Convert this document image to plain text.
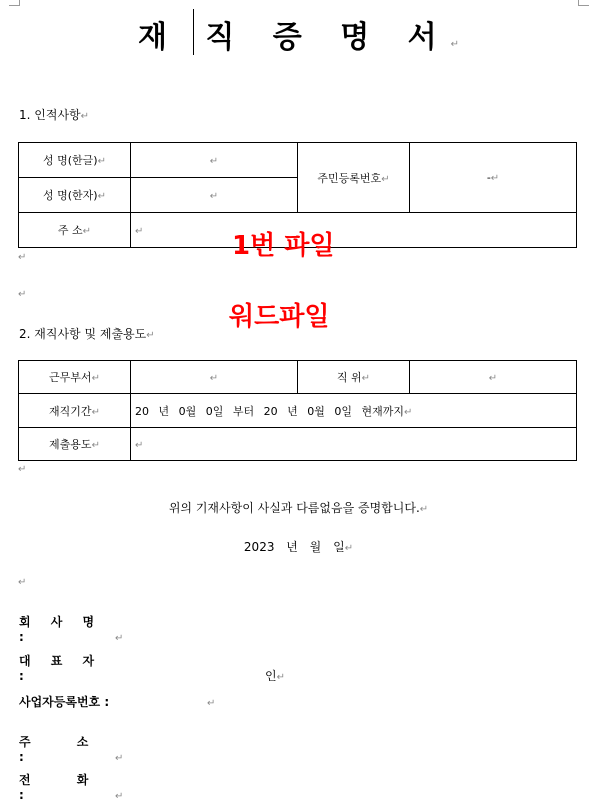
재 직 증 명 서↵
1. 인적사항↵
성 명(한글)↵	↵	주민등록번호↵	-↵
성 명(한자)↵	↵		
주 소↵	↵		
↵
↵
1번 파일
워드파일
2. 재직사항 및 제출용도↵
근무부서↵	↵	직 위↵	↵
재직기간↵	20 년 0월 0일 부터 20 년 0월 0일 현재까지↵		
제출용도↵	↵		
↵
위의 기재사항이 사실과 다름없음을 증명합니다.↵
2023 년 월 일↵
↵
회 사 명 :	↵
대 표 자 :	인↵
사업자등록번호 :	↵
주 소 :	↵
전 화 :	↵
